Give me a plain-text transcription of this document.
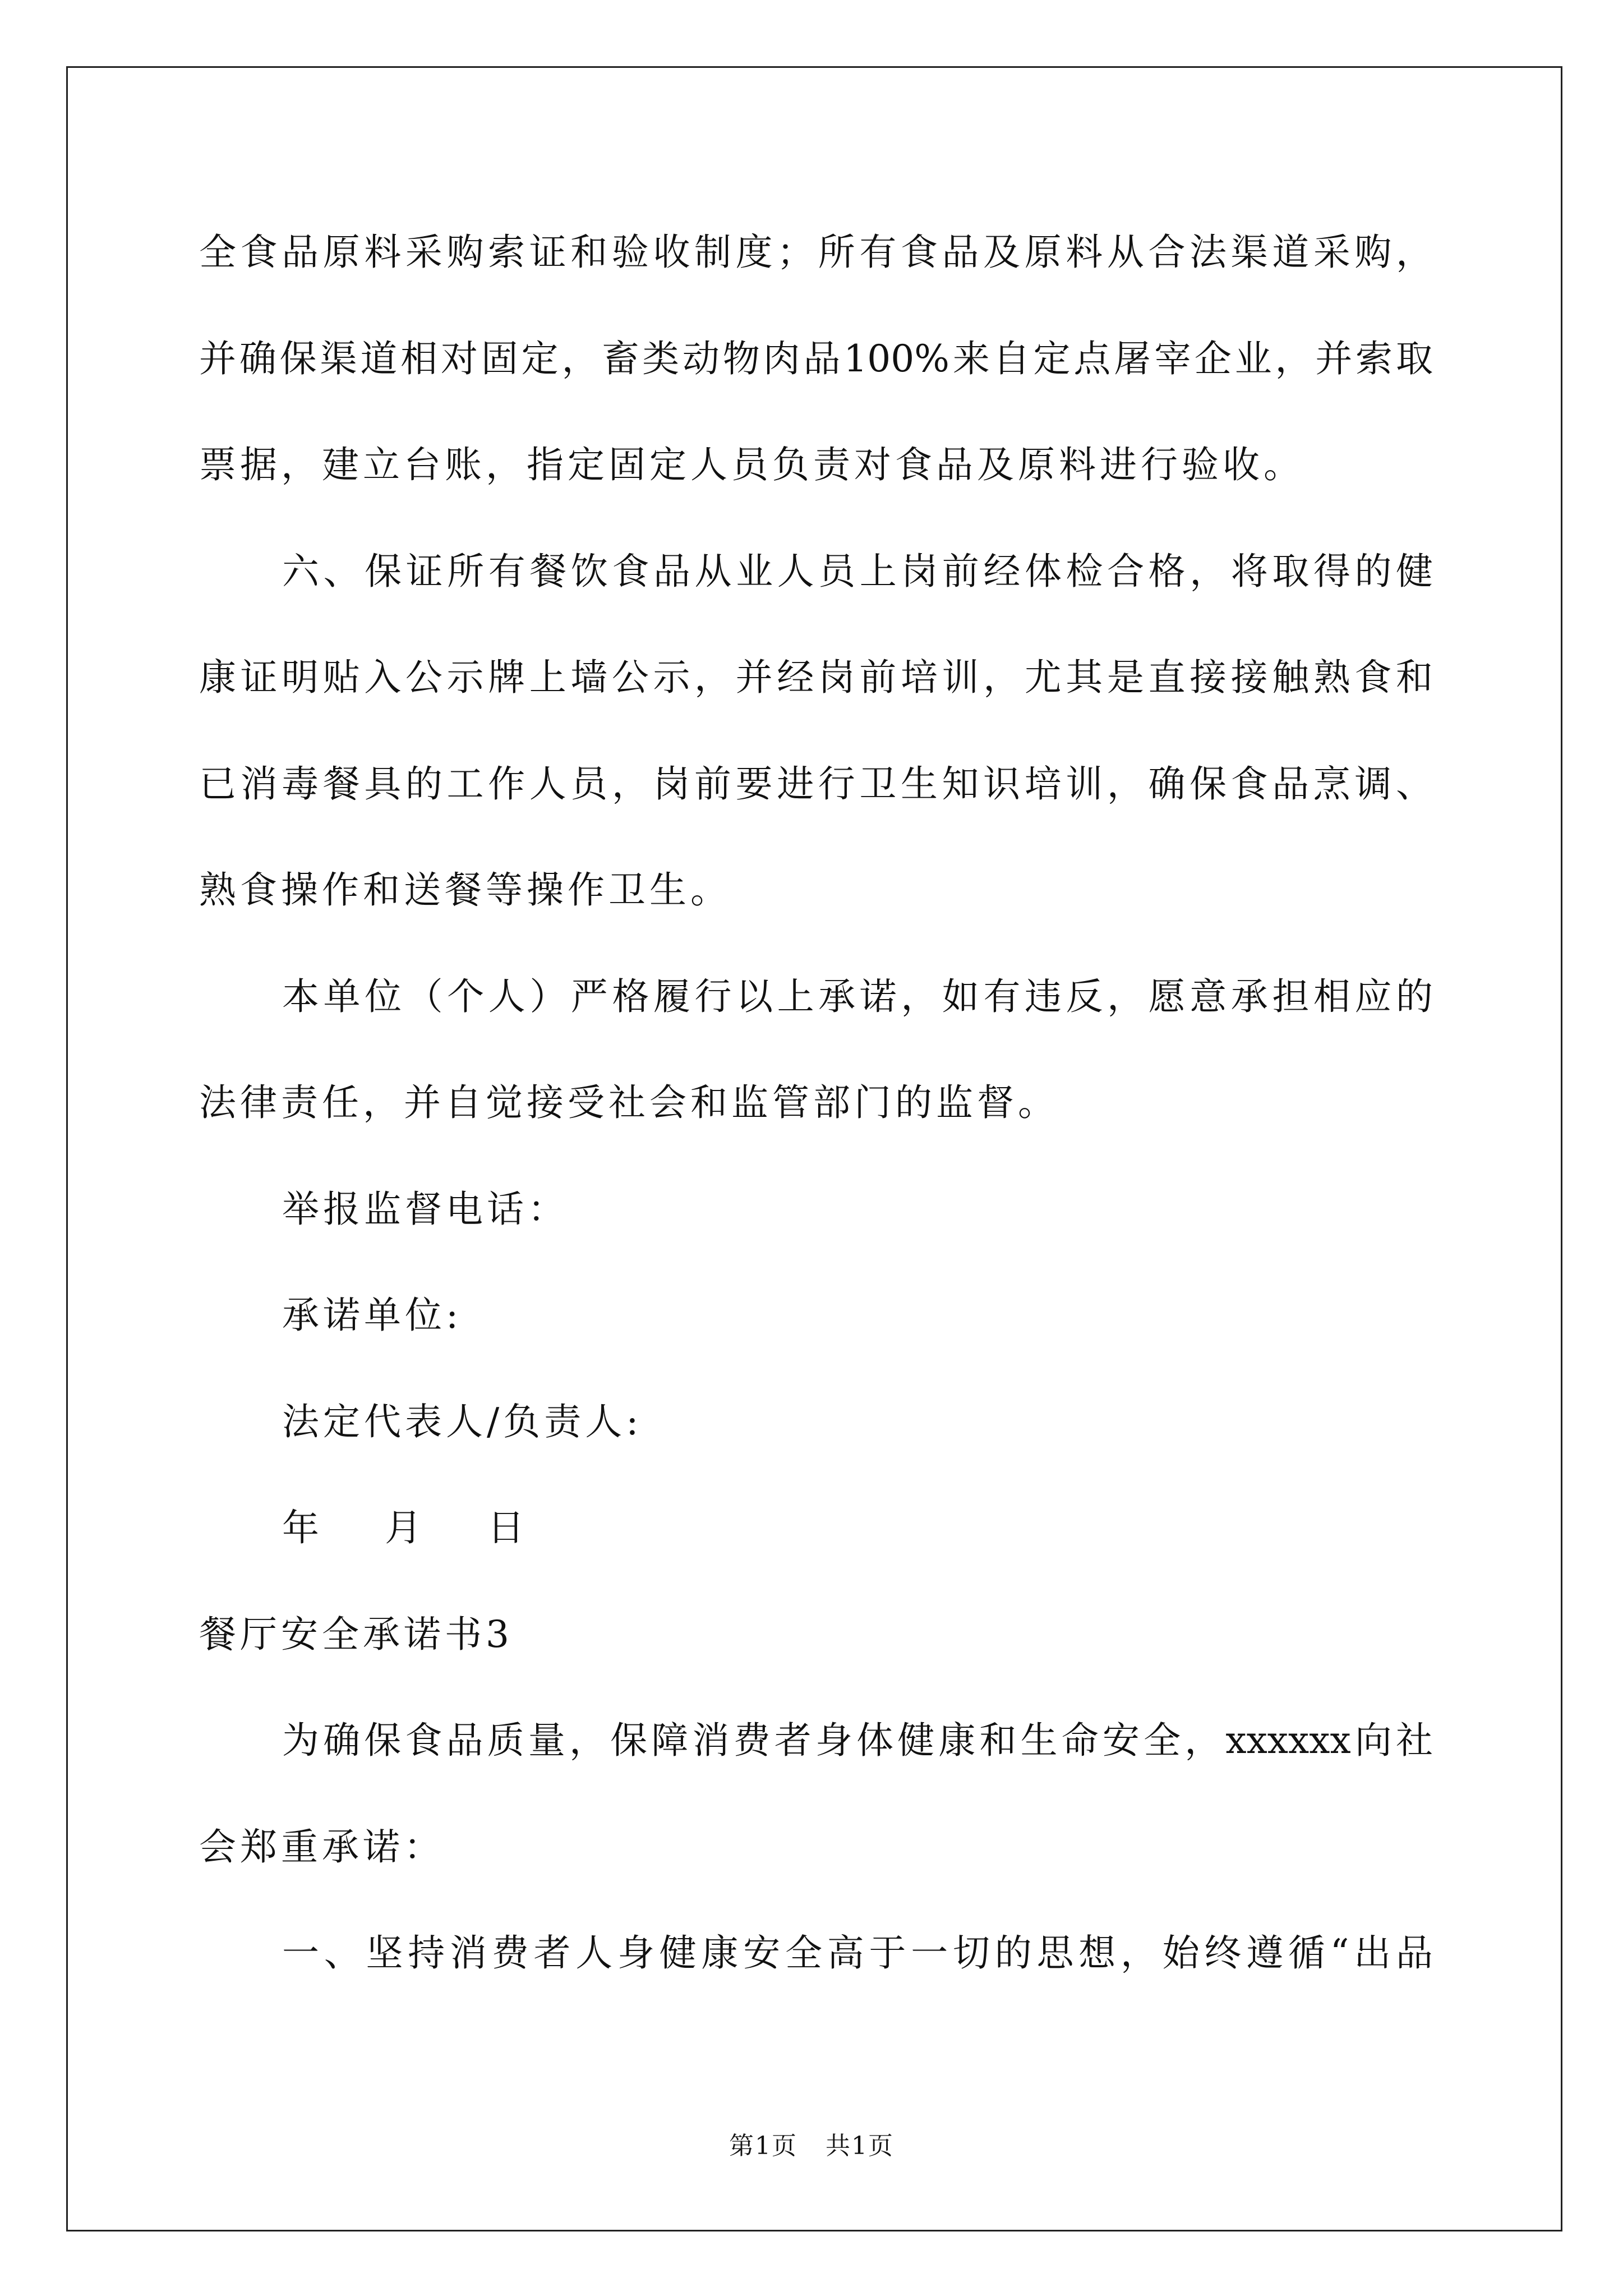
全食品原料采购索证和验收制度；所有食品及原料从合法渠道采购，
并确保渠道相对固定，畜类动物肉品100%来自定点屠宰企业，并索取
票据，建立台账，指定固定人员负责对食品及原料进行验收。
六、保证所有餐饮食品从业人员上岗前经体检合格，将取得的健
康证明贴入公示牌上墙公示，并经岗前培训，尤其是直接接触熟食和
已消毒餐具的工作人员，岗前要进行卫生知识培训，确保食品烹调、
熟食操作和送餐等操作卫生。
本单位（个人）严格履行以上承诺，如有违反，愿意承担相应的
法律责任，并自觉接受社会和监管部门的监督。
举报监督电话：
承诺单位:
法定代表人/负责人:
年 月 日
餐厅安全承诺书3
为确保食品质量，保障消费者身体健康和生命安全，xxxxxx向社
会郑重承诺：
一、坚持消费者人身健康安全高于一切的思想，始终遵循“出品
第1页 共1页
